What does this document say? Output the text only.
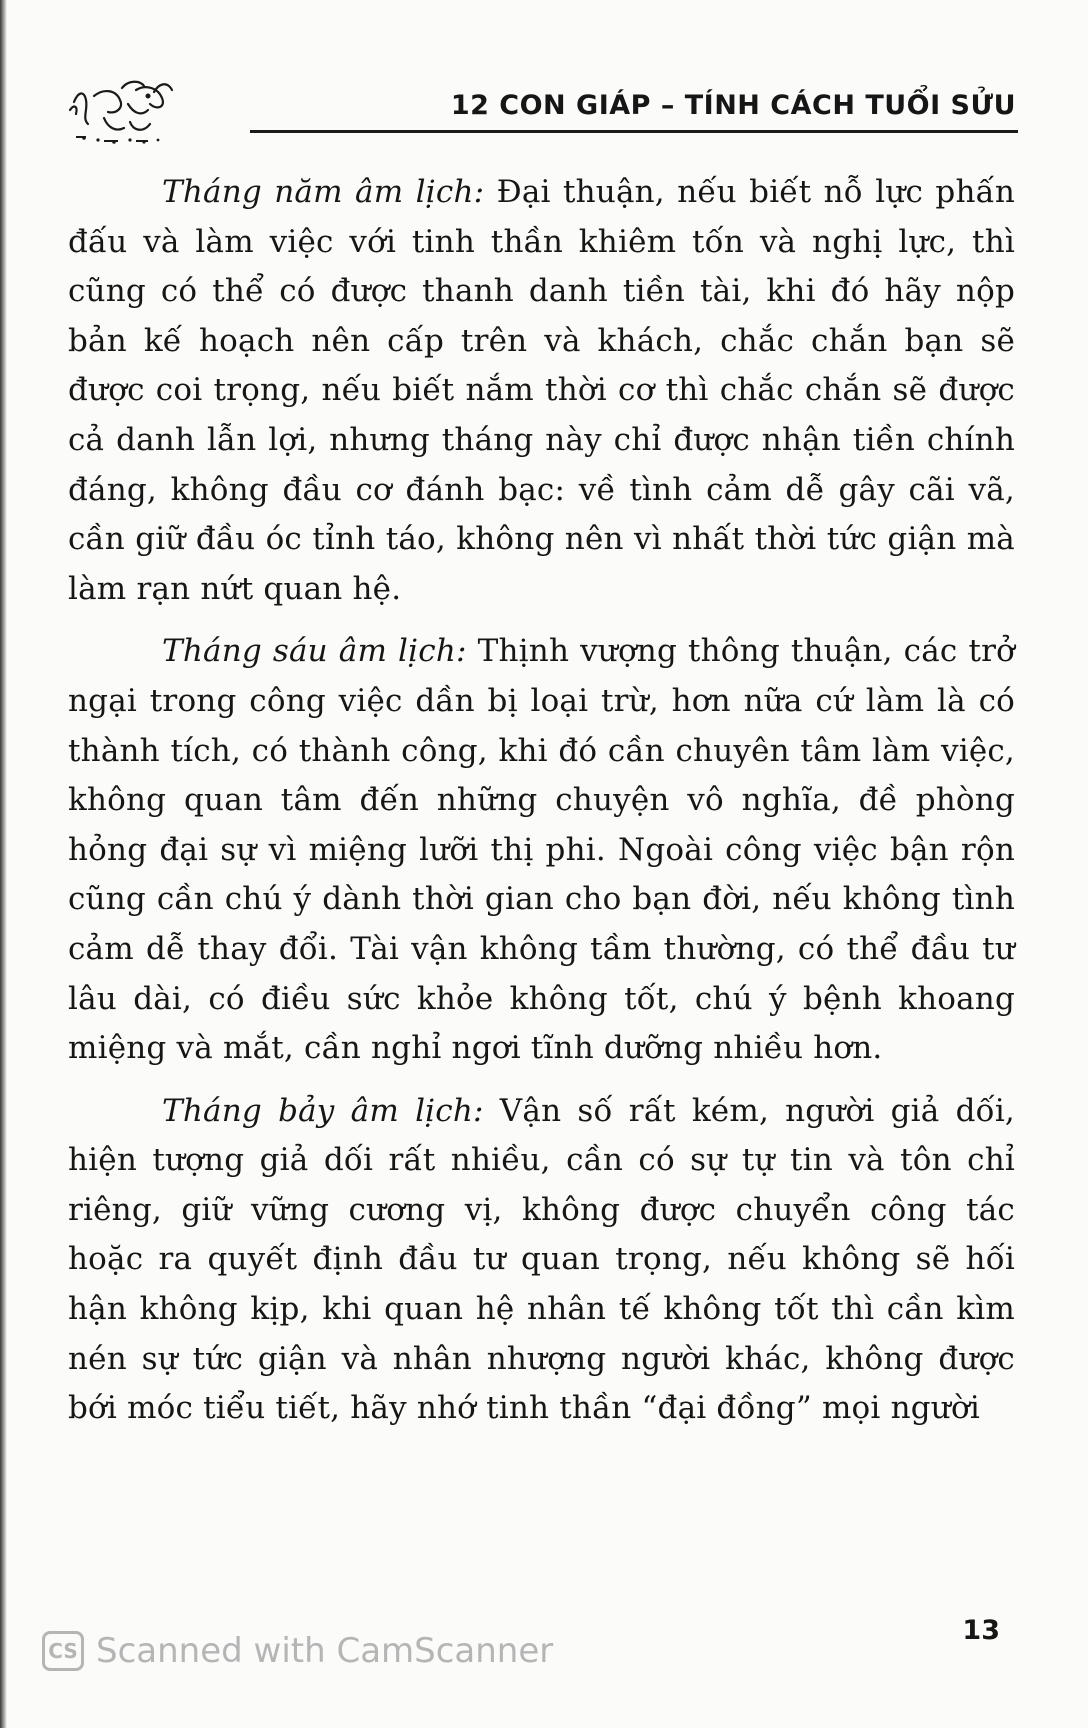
12 CON GIÁP – TÍNH CÁCH TUỔI SỬU

Tháng năm âm lịch: Đại thuận, nếu biết nỗ lực phấn đấu và làm việc với tinh thần khiêm tốn và nghị lực, thì cũng có thể có được thanh danh tiền tài, khi đó hãy nộp bản kế hoạch nên cấp trên và khách, chắc chắn bạn sẽ được coi trọng, nếu biết nắm thời cơ thì chắc chắn sẽ được cả danh lẫn lợi, nhưng tháng này chỉ được nhận tiền chính đáng, không đầu cơ đánh bạc: về tình cảm dễ gây cãi vã, cần giữ đầu óc tỉnh táo, không nên vì nhất thời tức giận mà làm rạn nứt quan hệ.

Tháng sáu âm lịch: Thịnh vượng thông thuận, các trở ngại trong công việc dần bị loại trừ, hơn nữa cứ làm là có thành tích, có thành công, khi đó cần chuyên tâm làm việc, không quan tâm đến những chuyện vô nghĩa, đề phòng hỏng đại sự vì miệng lưỡi thị phi. Ngoài công việc bận rộn cũng cần chú ý dành thời gian cho bạn đời, nếu không tình cảm dễ thay đổi. Tài vận không tầm thường, có thể đầu tư lâu dài, có điều sức khỏe không tốt, chú ý bệnh khoang miệng và mắt, cần nghỉ ngơi tĩnh dưỡng nhiều hơn.

Tháng bảy âm lịch: Vận số rất kém, người giả dối, hiện tượng giả dối rất nhiều, cần có sự tự tin và tôn chỉ riêng, giữ vững cương vị, không được chuyển công tác hoặc ra quyết định đầu tư quan trọng, nếu không sẽ hối hận không kịp, khi quan hệ nhân tế không tốt thì cần kìm nén sự tức giận và nhân nhượng người khác, không được bới móc tiểu tiết, hãy nhớ tinh thần “đại đồng” mọi người

13
CS Scanned with CamScanner
